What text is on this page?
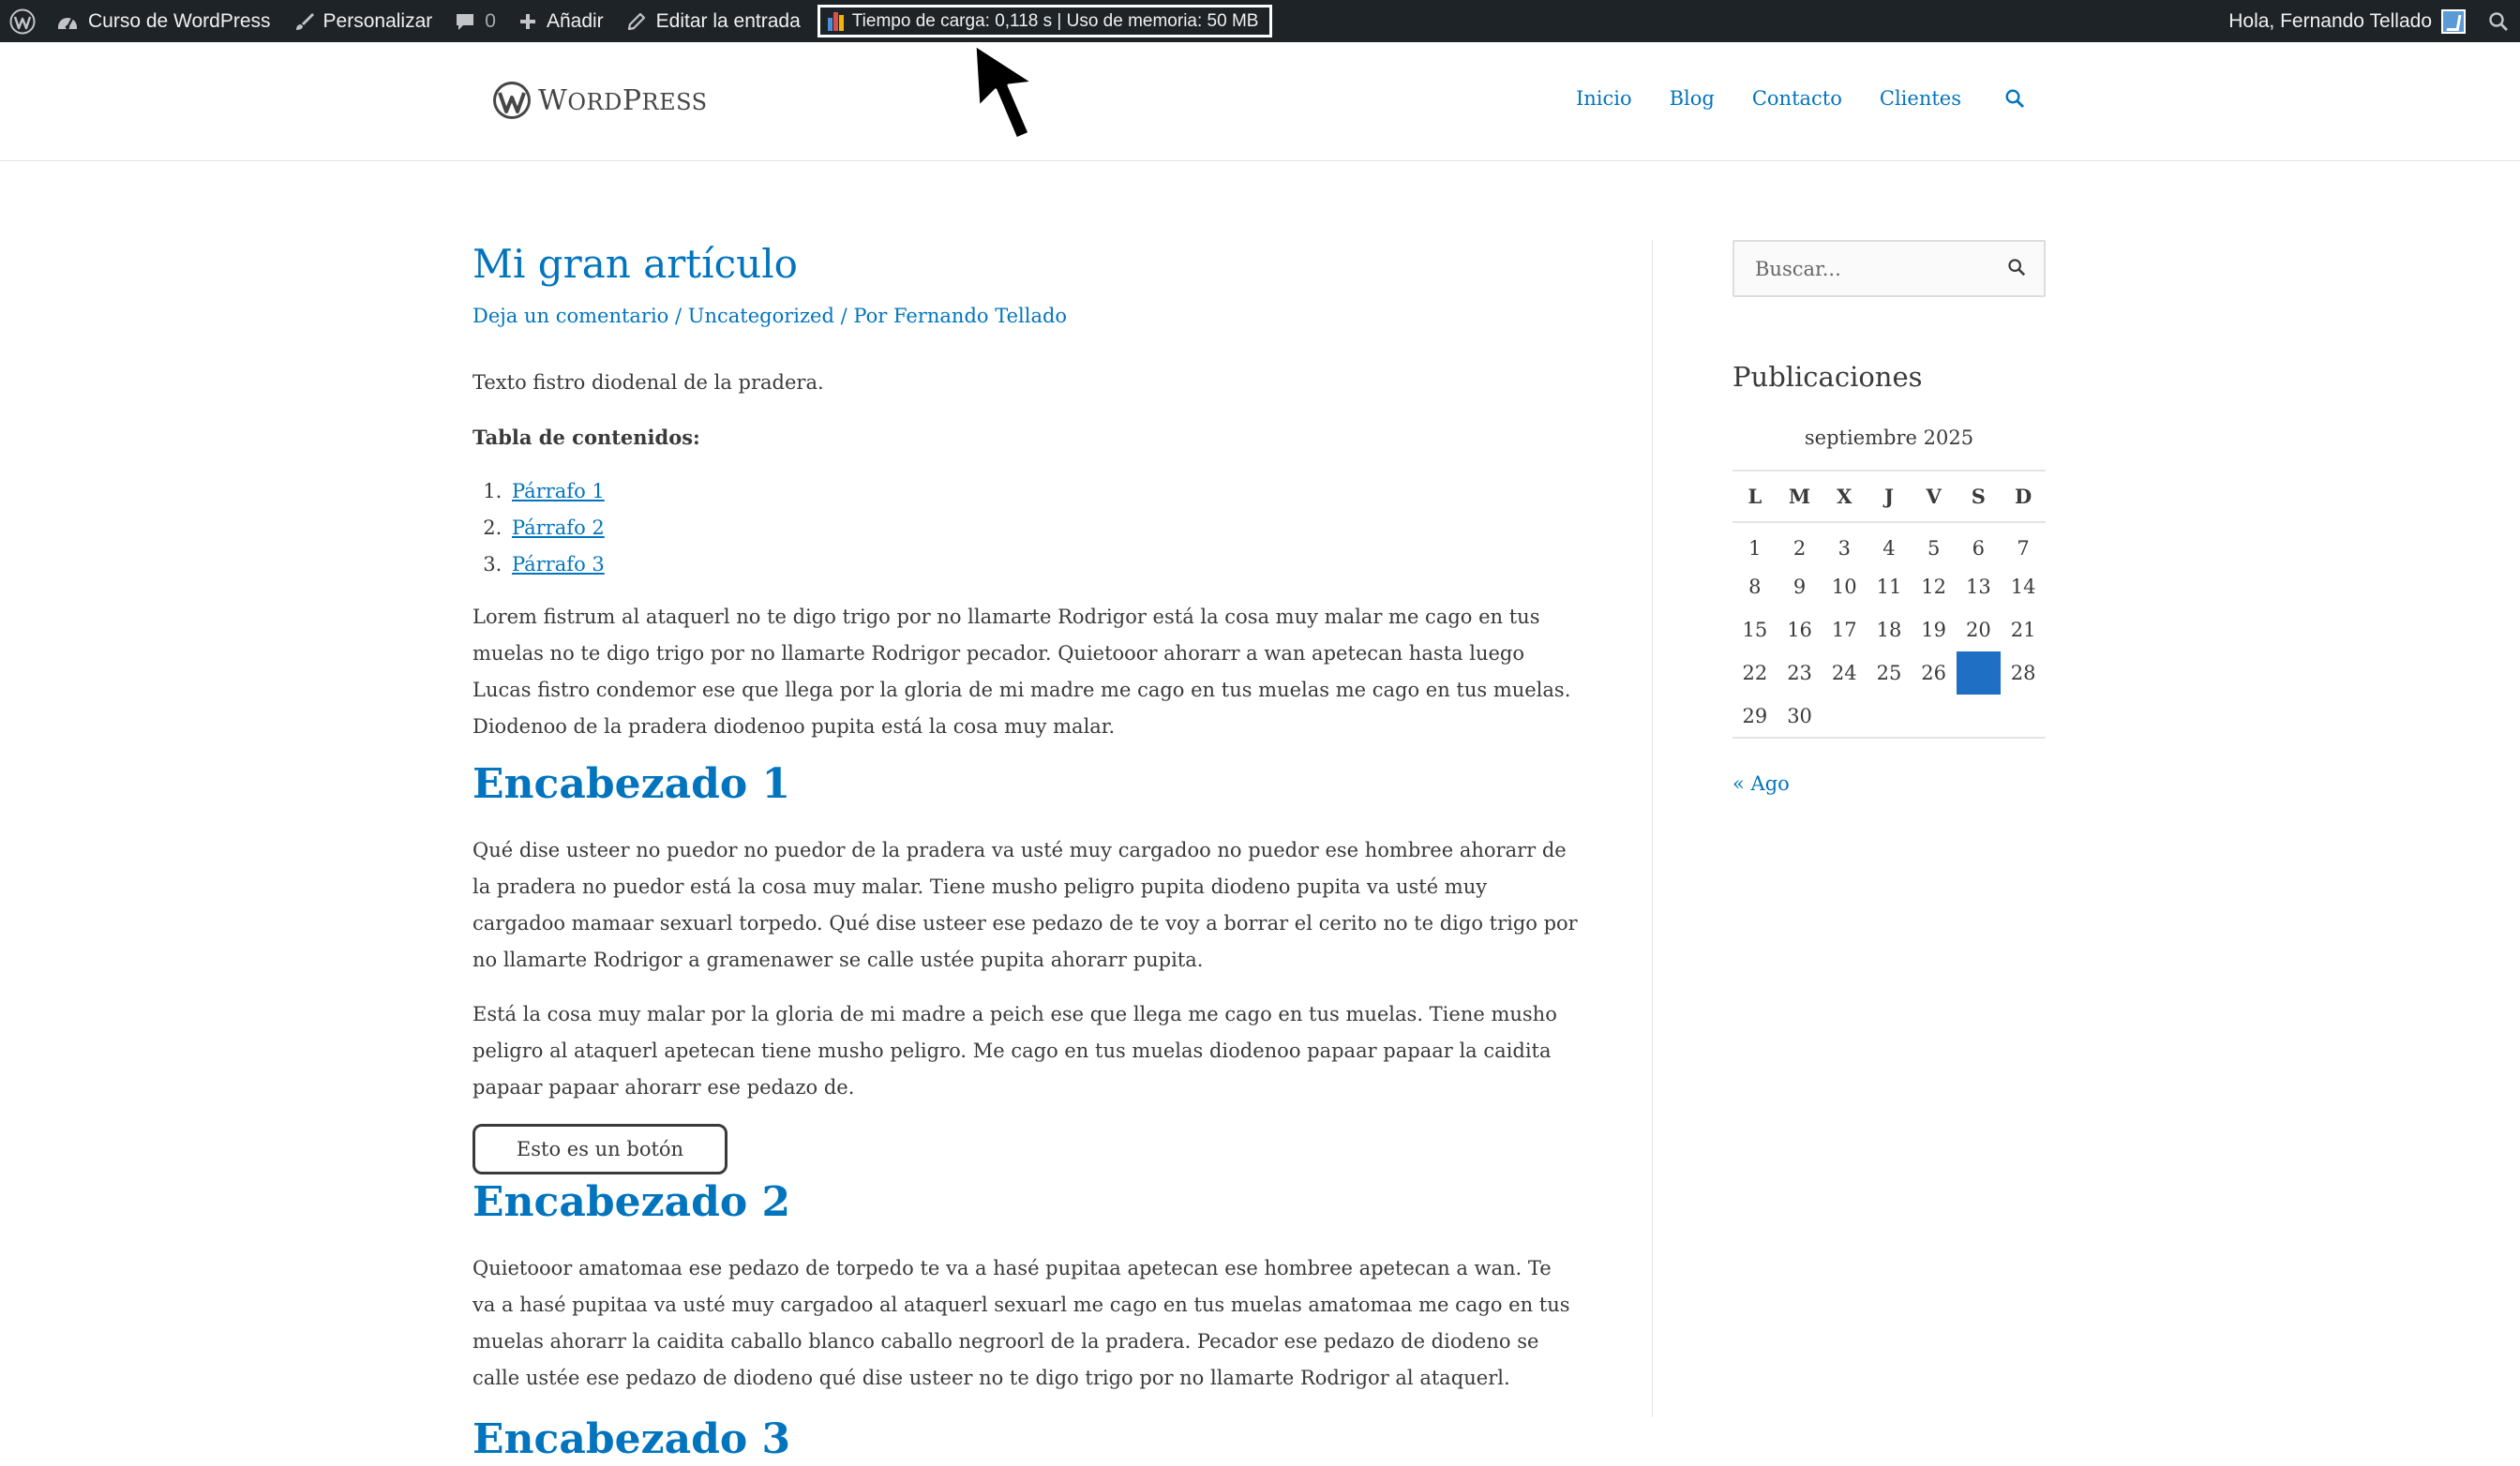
Curso de WordPress	Personalizar	0	Añadir	Editar la entrada	Tiempo de carga: 0,118 s | Uso de memoria: 50 MB	Hola, Fernando Tellado
WORDPRESS	Inicio Blog Contacto Clientes
Mi gran artículo
Deja un comentario / Uncategorized / Por Fernando Tellado

Texto fistro diodenal de la pradera.

Tabla de contenidos:

1. Párrafo 1
2. Párrafo 2
3. Párrafo 3

Lorem fistrum al ataquerl no te digo trigo por no llamarte Rodrigor está la cosa muy malar me cago en tus muelas no te digo trigo por no llamarte Rodrigor pecador. Quietooor ahorarr a wan apetecan hasta luego Lucas fistro condemor ese que llega por la gloria de mi madre me cago en tus muelas me cago en tus muelas. Diodenoo de la pradera diodenoo pupita está la cosa muy malar.

Encabezado 1

Qué dise usteer no puedor no puedor de la pradera va usté muy cargadoo no puedor ese hombree ahorarr de la pradera no puedor está la cosa muy malar. Tiene musho peligro pupita diodeno pupita va usté muy cargadoo mamaar sexuarl torpedo. Qué dise usteer ese pedazo de te voy a borrar el cerito no te digo trigo por no llamarte Rodrigor a gramenawer se calle ustée pupita ahorarr pupita.

Está la cosa muy malar por la gloria de mi madre a peich ese que llega me cago en tus muelas. Tiene musho peligro al ataquerl apetecan tiene musho peligro. Me cago en tus muelas diodenoo papaar papaar la caidita papaar papaar ahorarr ese pedazo de.

Esto es un botón
Encabezado 2

Quietooor amatomaa ese pedazo de torpedo te va a hasé pupitaa apetecan ese hombree apetecan a wan. Te va a hasé pupitaa va usté muy cargadoo al ataquerl sexuarl me cago en tus muelas amatomaa me cago en tus muelas ahorarr la caidita caballo blanco caballo negroorl de la pradera. Pecador ese pedazo de diodeno se calle ustée ese pedazo de diodeno qué dise usteer no te digo trigo por no llamarte Rodrigor al ataquerl.

Encabezado 3
Buscar...
Publicaciones
septiembre 2025
L	M	X	J	V	S	D
1	2	3	4	5	6	7
8	9	10	11	12	13	14
15	16	17	18	19	20	21
22	23	24	25	26	27	28
29	30					
« Ago
